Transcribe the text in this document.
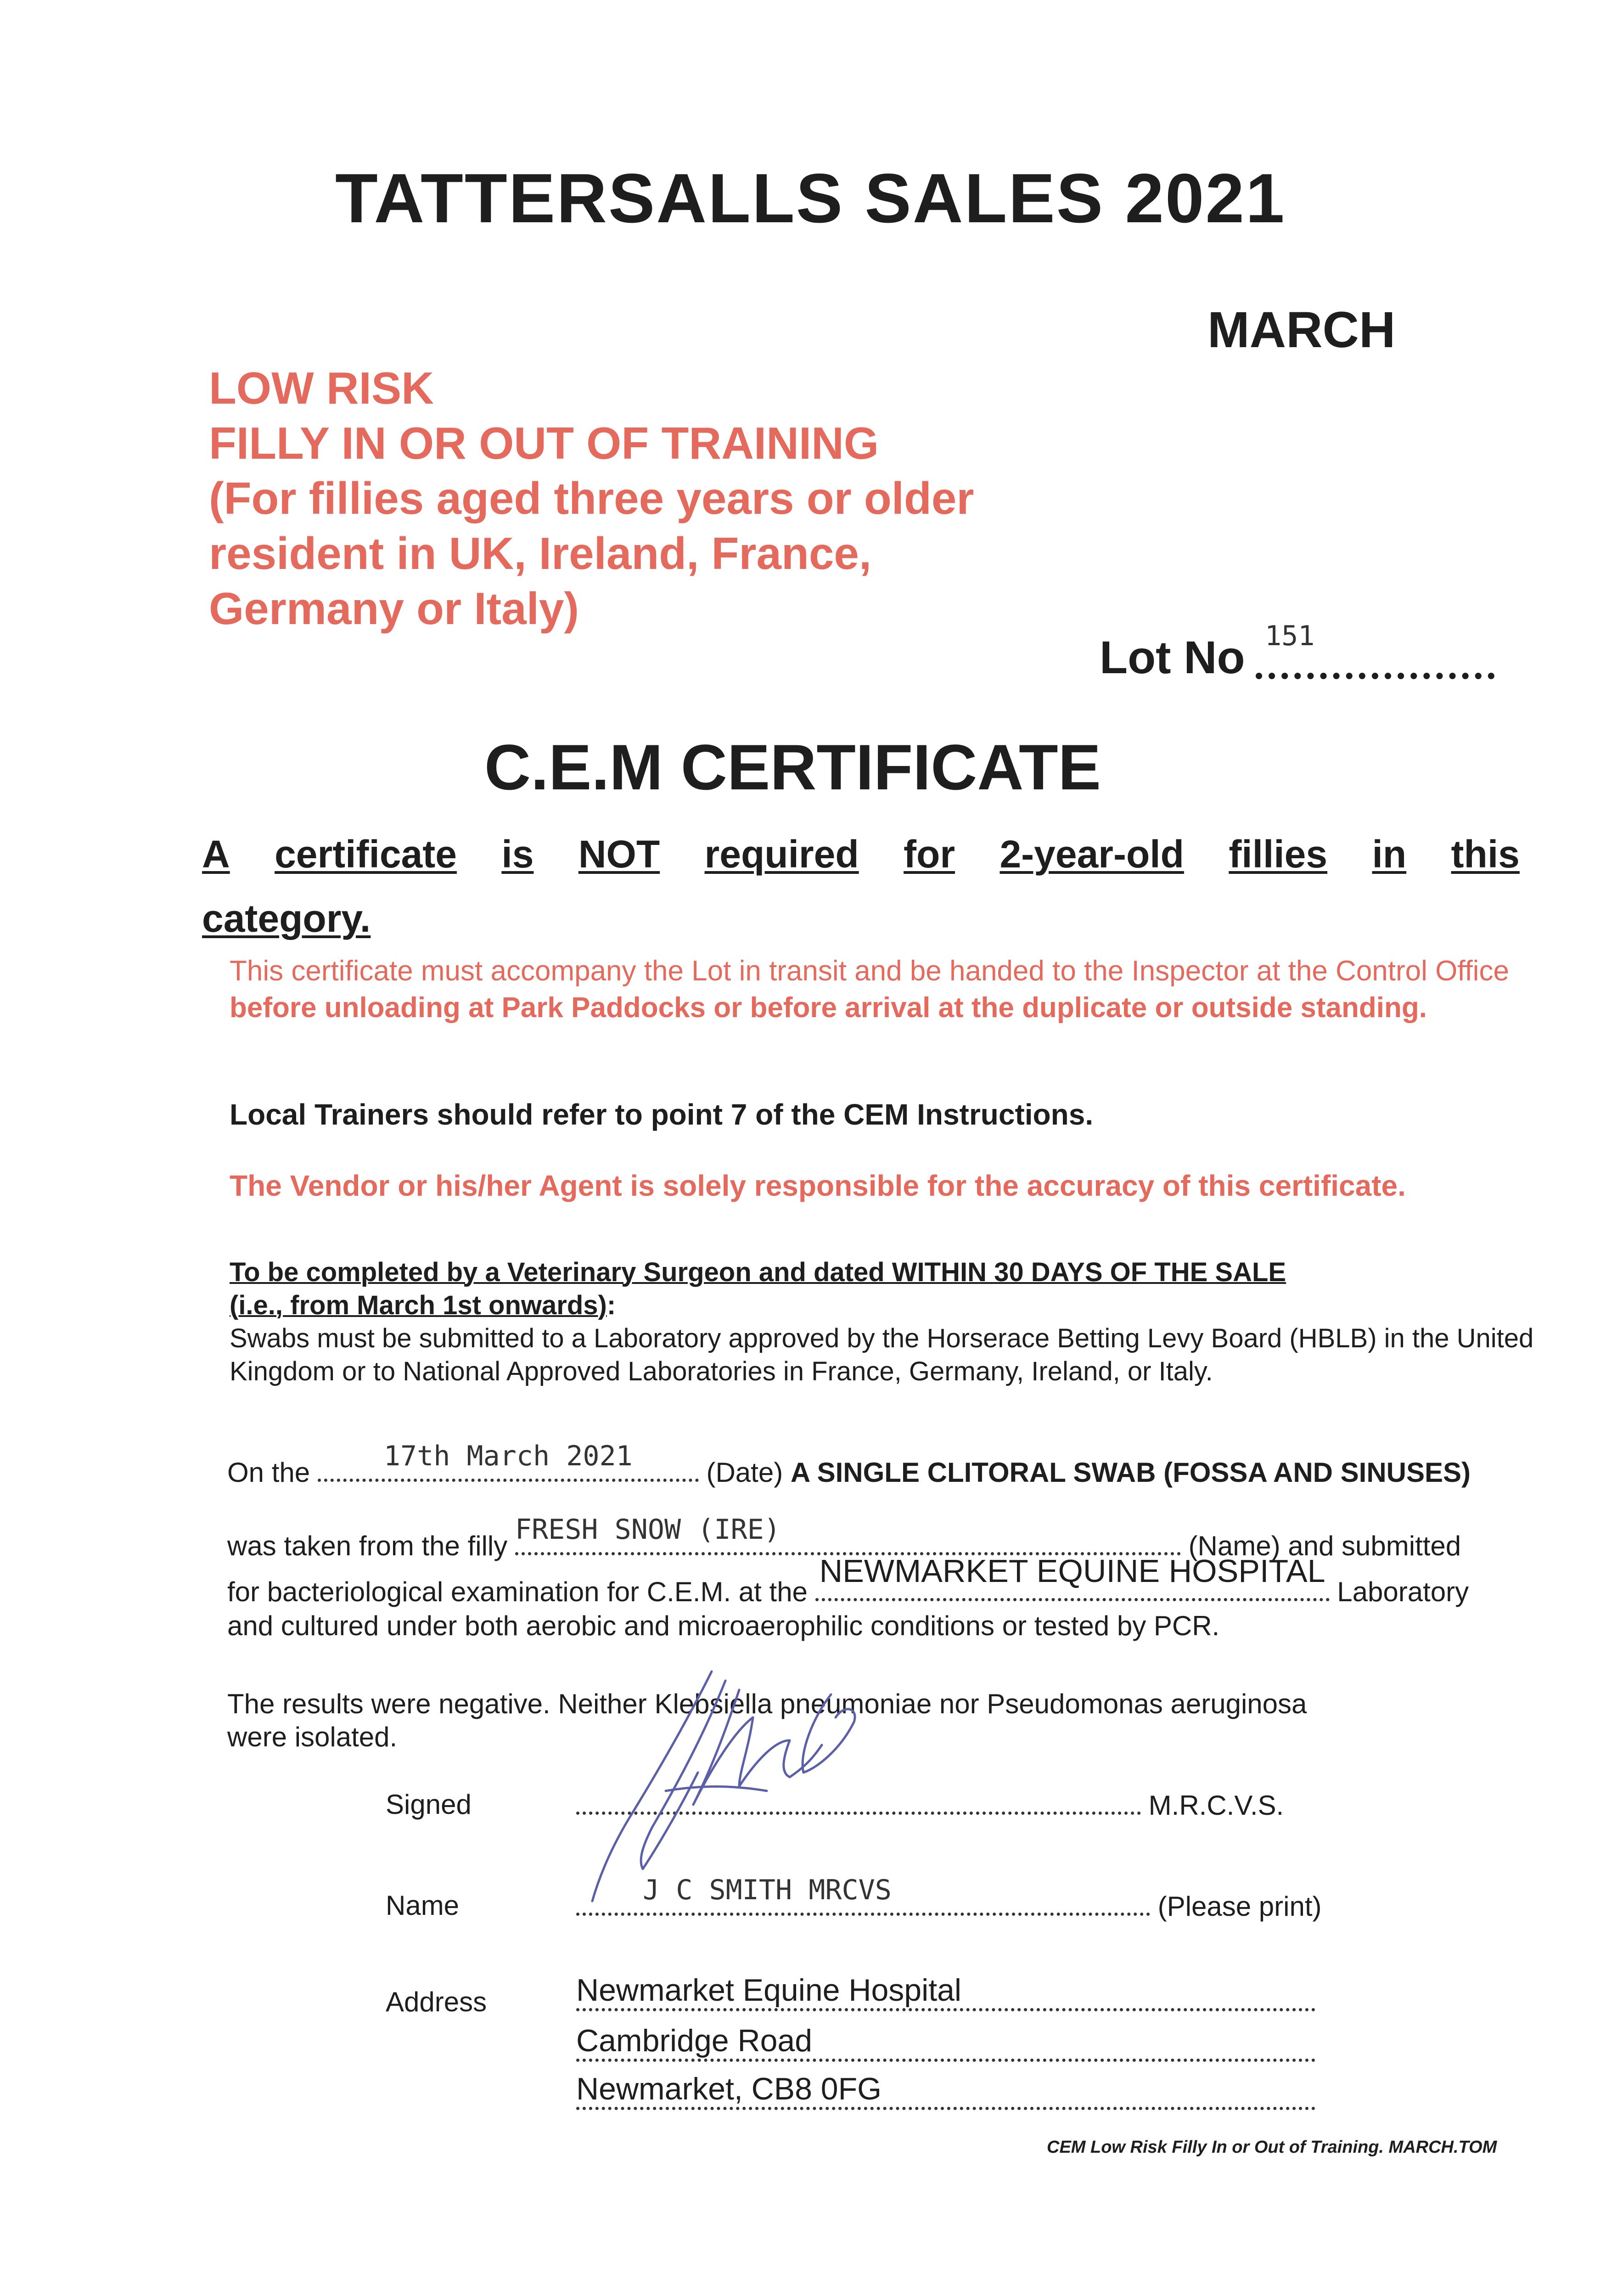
TATTERSALLS SALES 2021
MARCH
LOW RISK
FILLY IN OR OUT OF TRAINING
(For fillies aged three years or older
resident in UK, Ireland, France,
Germany or Italy)
Lot No 151
C.E.M CERTIFICATE
A certificate is NOT required for 2-year-old fillies in this
category.
This certificate must accompany the Lot in transit and be handed to the Inspector at the Control Office before unloading at Park Paddocks or before arrival at the duplicate or outside standing.
Local Trainers should refer to point 7 of the CEM Instructions.
The Vendor or his/her Agent is solely responsible for the accuracy of this certificate.
To be completed by a Veterinary Surgeon and dated WITHIN 30 DAYS OF THE SALE
(i.e., from March 1st onwards):
Swabs must be submitted to a Laboratory approved by the Horserace Betting Levy Board (HBLB) in the United Kingdom or to National Approved Laboratories in France, Germany, Ireland, or Italy.
On the
17th March 2021
(Date) A SINGLE CLITORAL SWAB (FOSSA AND SINUSES)
was taken from the filly
FRESH SNOW (IRE)
(Name) and submitted
for bacteriological examination for C.E.M. at the
NEWMARKET EQUINE HOSPITAL
Laboratory
and cultured under both aerobic and microaerophilic conditions or tested by PCR.
The results were negative. Neither Klebsiella pneumoniae nor Pseudomonas aeruginosa
were isolated.
Signed	M.R.C.V.S.
Name	J C SMITH MRCVS
(Please print)
Address	Newmarket Equine Hospital
Cambridge Road
Newmarket, CB8 0FG
CEM Low Risk Filly In or Out of Training. MARCH.TOM
